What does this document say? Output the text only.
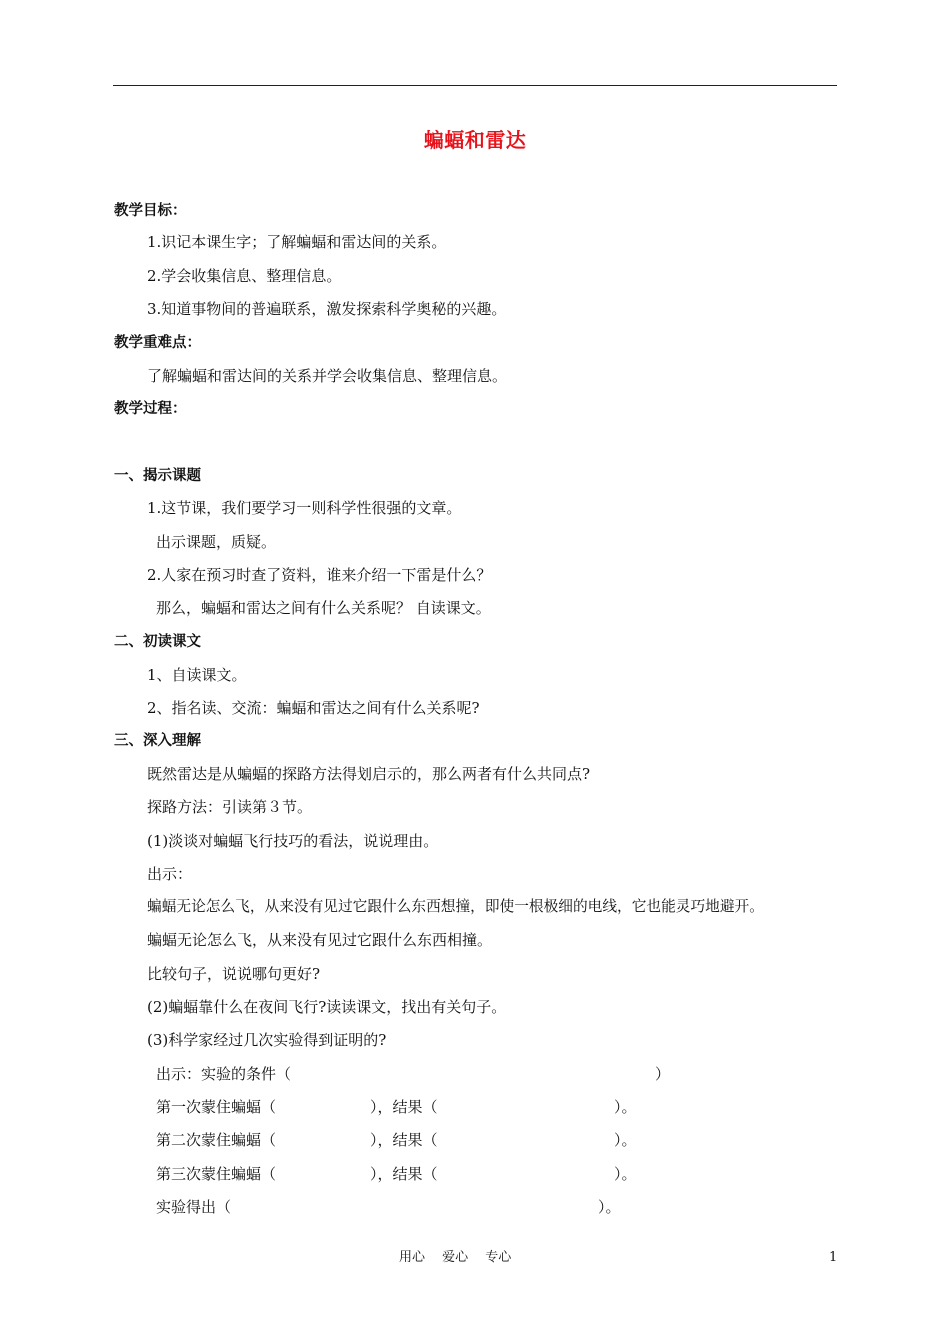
蝙蝠和雷达
教学目标：
1.识记本课生字；了解蝙蝠和雷达间的关系。
2.学会收集信息、整理信息。
3.知道事物间的普遍联系，激发探索科学奥秘的兴趣。
教学重难点：
了解蝙蝠和雷达间的关系并学会收集信息、整理信息。
教学过程：
一、揭示课题
1.这节课，我们要学习一则科学性很强的文章。
出示课题，质疑。
2.人家在预习时查了资料，谁来介绍一下雷是什么？
那么，蝙蝠和雷达之间有什么关系呢？ 自读课文。
二、初读课文
1、自读课文。
2、指名读、交流：蝙蝠和雷达之间有什么关系呢?
三、深入理解
既然雷达是从蝙蝠的探路方法得划启示的，那么两者有什么共同点?
探路方法：引读第３节。
(1)淡谈对蝙蝠飞行技巧的看法，说说理由。
出示：
蝙蝠无论怎么飞，从来没有见过它跟什么东西想撞，即使一根极细的电线，它也能灵巧地避开。
蝙蝠无论怎么飞，从来没有见过它跟什么东西相撞。
比较句子，说说哪句更好?
(2)蝙蝠靠什么在夜间飞行?读读课文，找出有关句子。
(3)科学家经过几次实验得到证明的?
出示：实验的条件（	）
第一次蒙住蝙蝠（	），结果（	）。
第二次蒙住蝙蝠（	），结果（	）。
第三次蒙住蝙蝠（	），结果（	）。
实验得出（	）。
用心　 爱心　 专心	1
